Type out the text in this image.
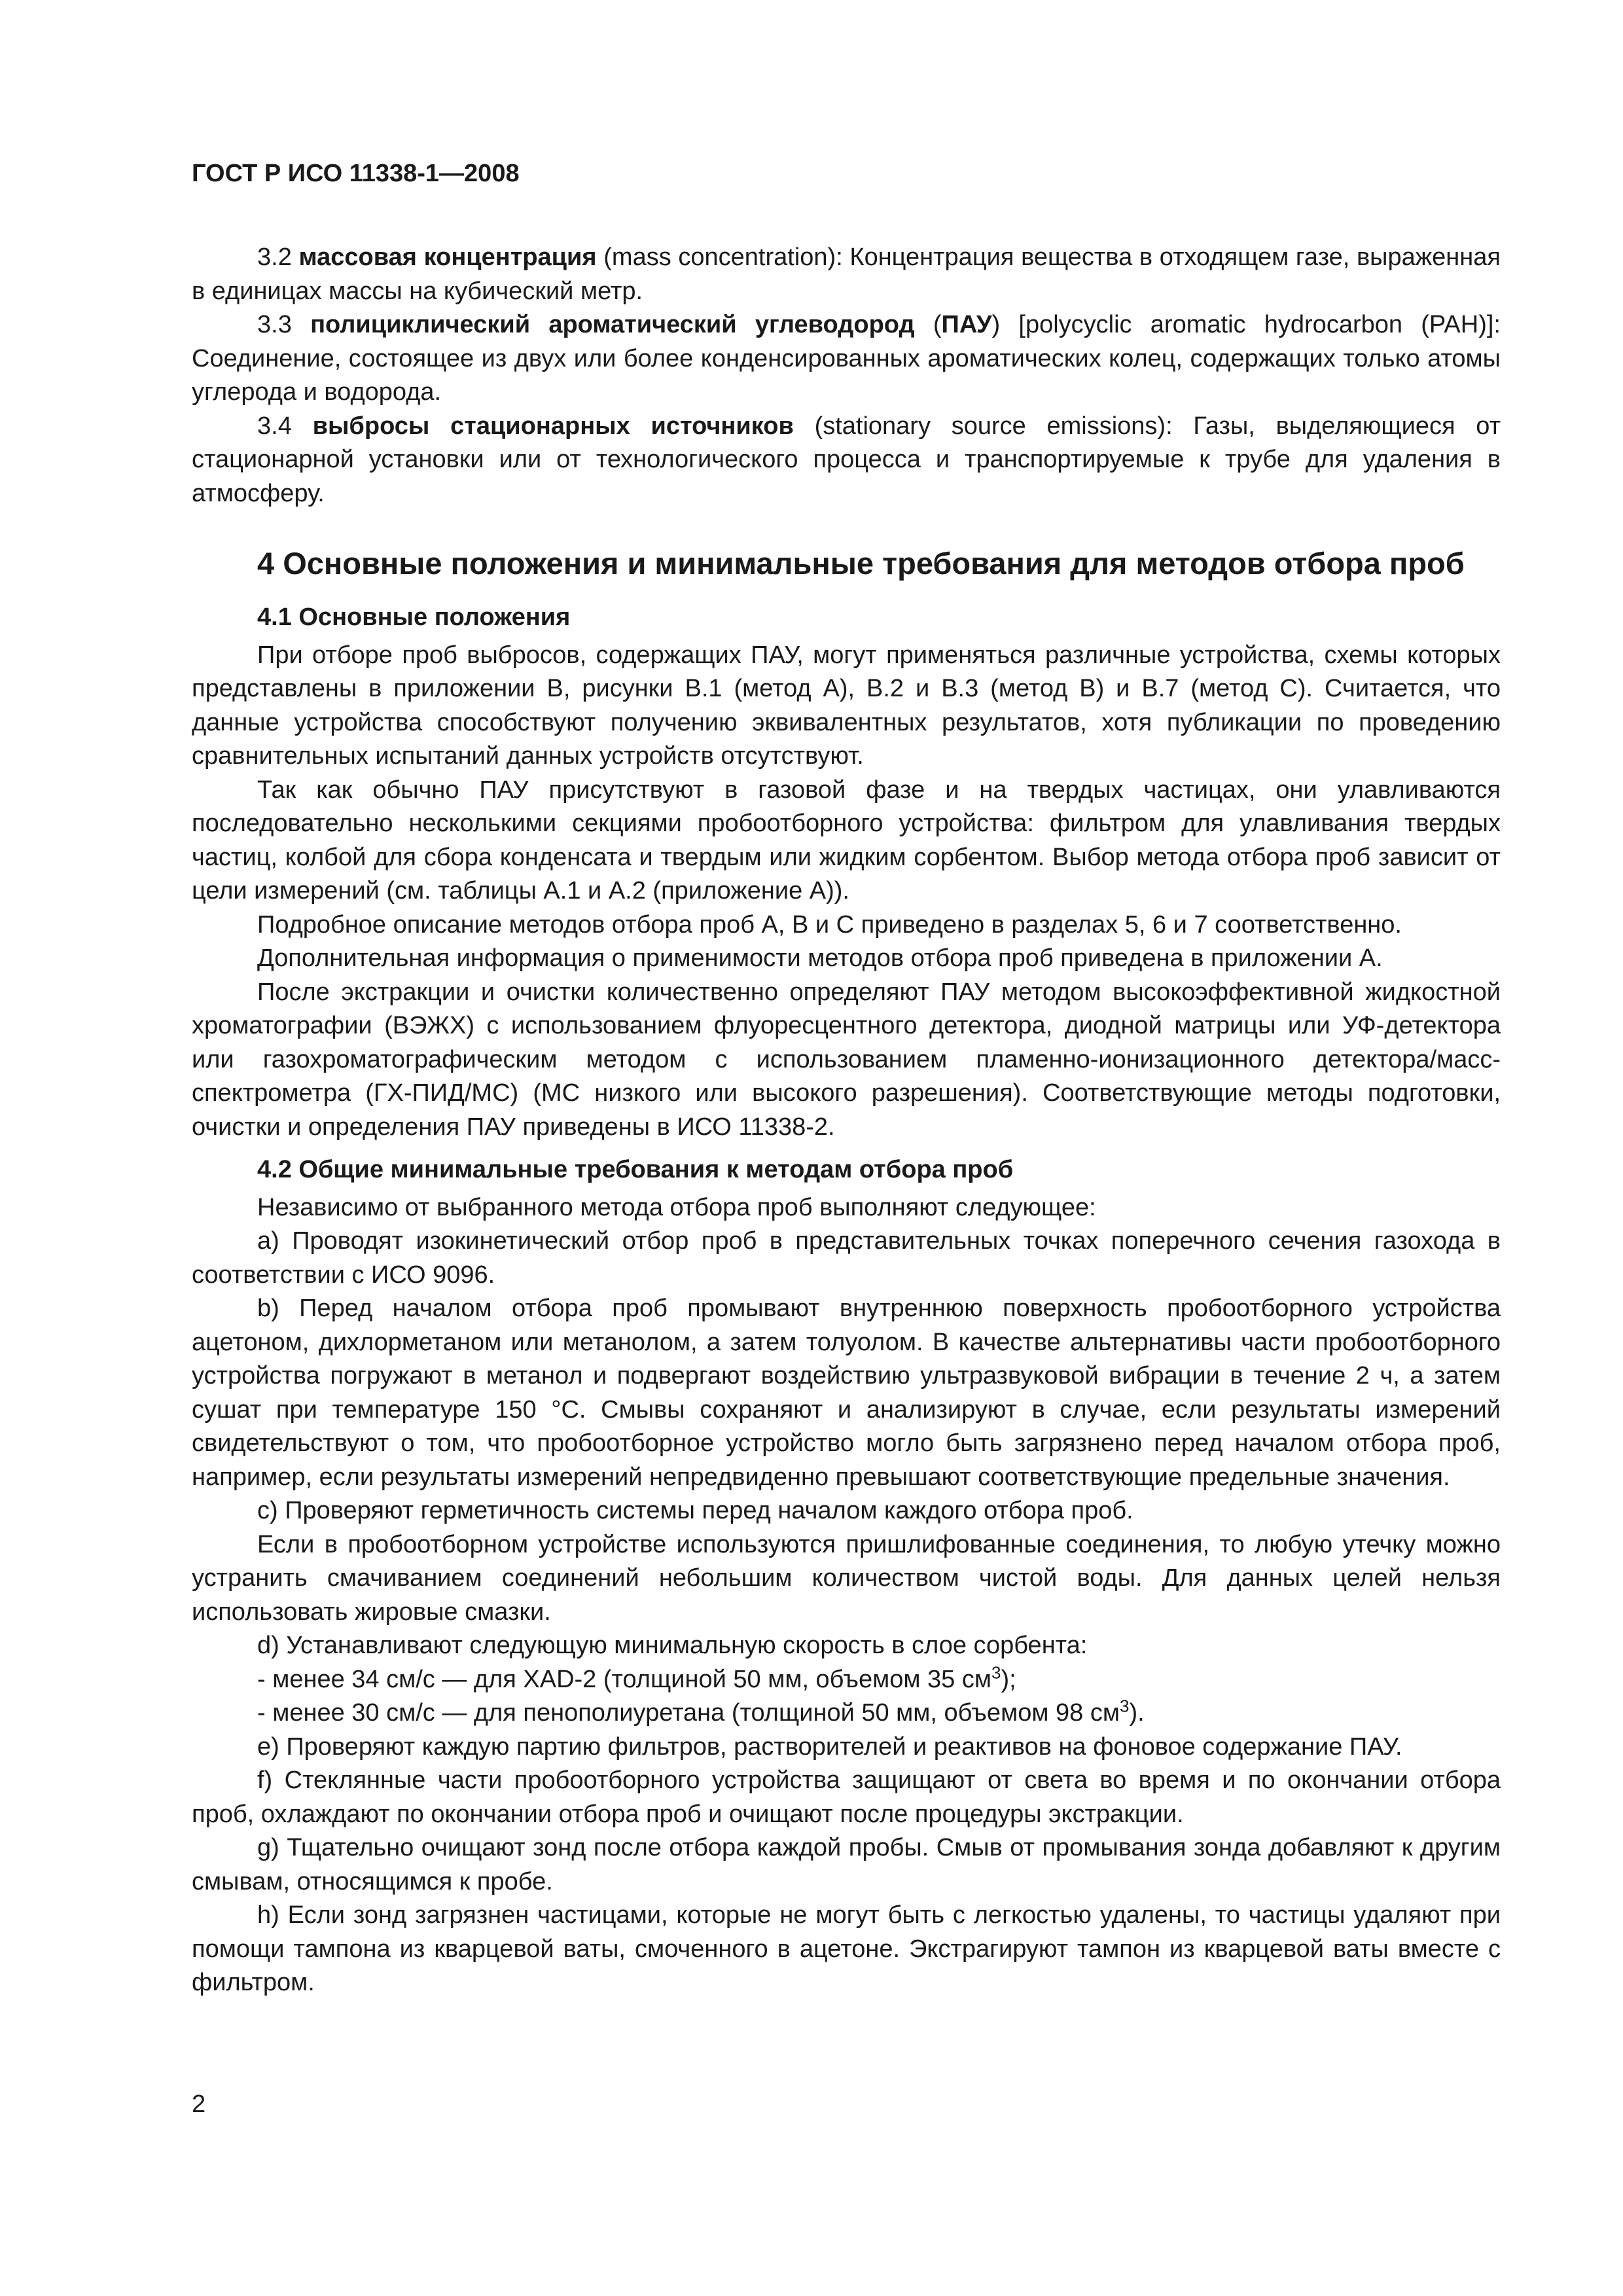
ГОСТ Р ИСО 11338-1—2008

3.2 массовая концентрация (mass concentration): Концентрация вещества в отходящем газе, выраженная в единицах массы на кубический метр.

3.3 полициклический ароматический углеводород (ПАУ) [polycyclic aromatic hydrocarbon (PAH)]: Соединение, состоящее из двух или более конденсированных ароматических колец, содержащих только атомы углерода и водорода.

3.4 выбросы стационарных источников (stationary source emissions): Газы, выделяющиеся от стационарной установки или от технологического процесса и транспортируемые к трубе для удаления в атмосферу.

4 Основные положения и минимальные требования для методов отбора проб
4.1 Основные положения

При отборе проб выбросов, содержащих ПАУ, могут применяться различные устройства, схемы которых представлены в приложении В, рисунки В.1 (метод А), В.2 и В.3 (метод В) и В.7 (метод С). Считается, что данные устройства способствуют получению эквивалентных результатов, хотя публикации по проведению сравнительных испытаний данных устройств отсутствуют.

Так как обычно ПАУ присутствуют в газовой фазе и на твердых частицах, они улавливаются последовательно несколькими секциями пробоотборного устройства: фильтром для улавливания твердых частиц, колбой для сбора конденсата и твердым или жидким сорбентом. Выбор метода отбора проб зависит от цели измерений (см. таблицы А.1 и А.2 (приложение А)).

Подробное описание методов отбора проб А, В и С приведено в разделах 5, 6 и 7 соответственно.

Дополнительная информация о применимости методов отбора проб приведена в приложении А.

После экстракции и очистки количественно определяют ПАУ методом высокоэффективной жидкостной хроматографии (ВЭЖХ) с использованием флуоресцентного детектора, диодной матрицы или УФ-детектора или газохроматографическим методом с использованием пламенно-ионизационного детектора/масс-спектрометра (ГХ-ПИД/МС) (МС низкого или высокого разрешения). Соответствующие методы подготовки, очистки и определения ПАУ приведены в ИСО 11338-2.

4.2 Общие минимальные требования к методам отбора проб

Независимо от выбранного метода отбора проб выполняют следующее:

a) Проводят изокинетический отбор проб в представительных точках поперечного сечения газохода в соответствии с ИСО 9096.

b) Перед началом отбора проб промывают внутреннюю поверхность пробоотборного устройства ацетоном, дихлорметаном или метанолом, а затем толуолом. В качестве альтернативы части пробоотборного устройства погружают в метанол и подвергают воздействию ультразвуковой вибрации в течение 2 ч, а затем сушат при температуре 150 °С. Смывы сохраняют и анализируют в случае, если результаты измерений свидетельствуют о том, что пробоотборное устройство могло быть загрязнено перед началом отбора проб, например, если результаты измерений непредвиденно превышают соответствующие предельные значения.

c) Проверяют герметичность системы перед началом каждого отбора проб.

Если в пробоотборном устройстве используются пришлифованные соединения, то любую утечку можно устранить смачиванием соединений небольшим количеством чистой воды. Для данных целей нельзя использовать жировые смазки.

d) Устанавливают следующую минимальную скорость в слое сорбента:

- менее 34 см/с — для XAD-2 (толщиной 50 мм, объемом 35 $см^3$);

- менее 30 см/с — для пенополиуретана (толщиной 50 мм, объемом 98 $см^3$).

e) Проверяют каждую партию фильтров, растворителей и реактивов на фоновое содержание ПАУ.

f) Стеклянные части пробоотборного устройства защищают от света во время и по окончании отбора проб, охлаждают по окончании отбора проб и очищают после процедуры экстракции.

g) Тщательно очищают зонд после отбора каждой пробы. Смыв от промывания зонда добавляют к другим смывам, относящимся к пробе.

h) Если зонд загрязнен частицами, которые не могут быть с легкостью удалены, то частицы удаляют при помощи тампона из кварцевой ваты, смоченного в ацетоне. Экстрагируют тампон из кварцевой ваты вместе с фильтром.

2
